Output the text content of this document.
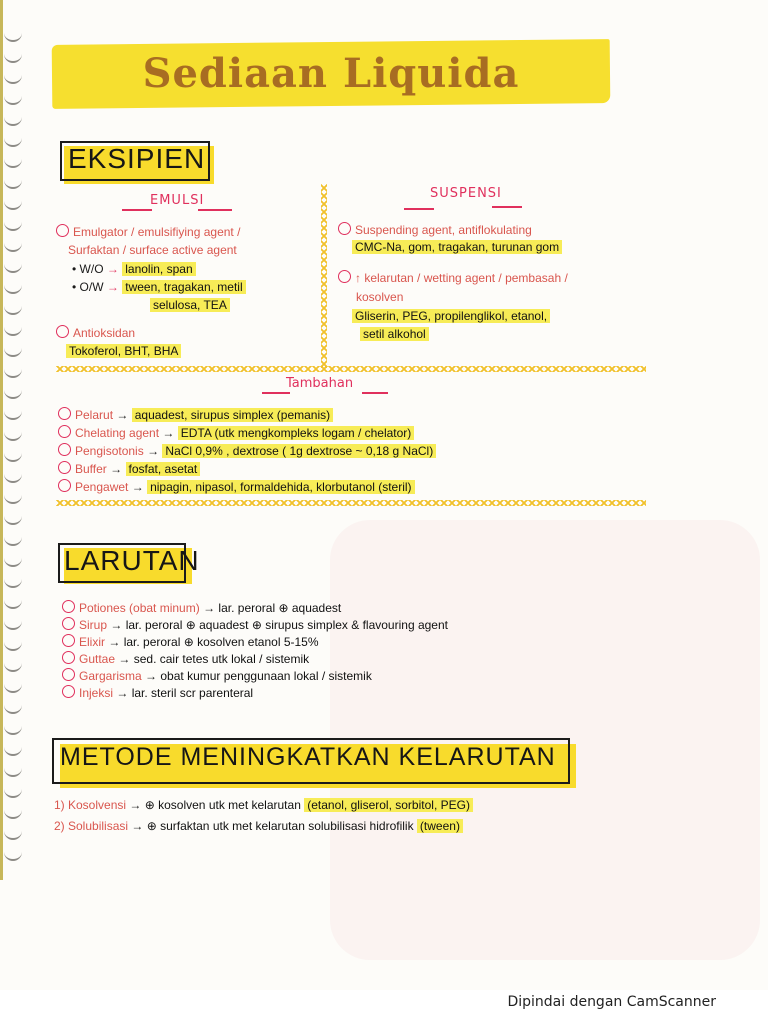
Sediaan Liquida
EKSIPIEN
EMULSI
Emulgator / emulsifiying agent /
Surfaktan / surface active agent
• W/O → lanolin, span
• O/W → tween, tragakan, metil
selulosa, TEA
Antioksidan
Tokoferol, BHT, BHA
SUSPENSI
Suspending agent, antiflokulating
CMC-Na, gom, tragakan, turunan gom
↑ kelarutan / wetting agent / pembasah /
kosolven
Gliserin, PEG, propilenglikol, etanol,
setil alkohol
Tambahan
Pelarut → aquadest, sirupus simplex (pemanis)
Chelating agent → EDTA (utk mengkompleks logam / chelator)
Pengisotonis → NaCl 0,9% , dextrose ( 1g dextrose ~ 0,18 g NaCl)
Buffer → fosfat, asetat
Pengawet → nipagin, nipasol, formaldehida, klorbutanol (steril)
LARUTAN
Potiones (obat minum) → lar. peroral ⊕ aquadest
Sirup → lar. peroral ⊕ aquadest ⊕ sirupus simplex & flavouring agent
Elixir → lar. peroral ⊕ kosolven etanol 5-15%
Guttae → sed. cair tetes utk lokal / sistemik
Gargarisma → obat kumur penggunaan lokal / sistemik
Injeksi → lar. steril scr parenteral
METODE MENINGKATKAN KELARUTAN
1) Kosolvensi → ⊕ kosolven utk met kelarutan (etanol, gliserol, sorbitol, PEG)
2) Solubilisasi → ⊕ surfaktan utk met kelarutan solubilisasi hidrofilik (tween)
Dipindai dengan CamScanner
